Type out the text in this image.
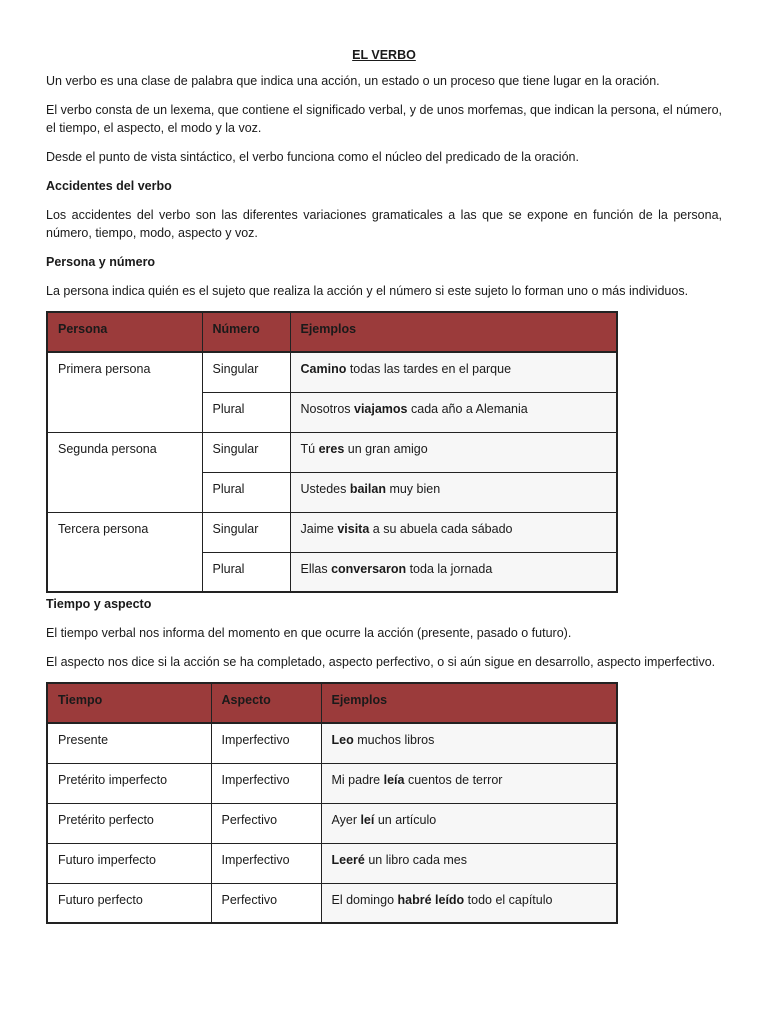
EL VERBO

Un verbo es una clase de palabra que indica una acción, un estado o un proceso que tiene lugar en la oración.

El verbo consta de un lexema, que contiene el significado verbal, y de unos morfemas, que indican la persona, el número, el tiempo, el aspecto, el modo y la voz.

Desde el punto de vista sintáctico, el verbo funciona como el núcleo del predicado de la oración.

Accidentes del verbo

Los accidentes del verbo son las diferentes variaciones gramaticales a las que se expone en función de la persona, número, tiempo, modo, aspecto y voz.

Persona y número

La persona indica quién es el sujeto que realiza la acción y el número si este sujeto lo forman uno o más individuos.

Persona	Número	Ejemplos
Primera persona	Singular	Camino todas las tardes en el parque
	Plural	Nosotros viajamos cada año a Alemania
Segunda persona	Singular	Tú eres un gran amigo
	Plural	Ustedes bailan muy bien
Tercera persona	Singular	Jaime visita a su abuela cada sábado
	Plural	Ellas conversaron toda la jornada
Tiempo y aspecto

El tiempo verbal nos informa del momento en que ocurre la acción (presente, pasado o futuro).

El aspecto nos dice si la acción se ha completado, aspecto perfectivo, o si aún sigue en desarrollo, aspecto imperfectivo.

Tiempo	Aspecto	Ejemplos
Presente	Imperfectivo	Leo muchos libros
Pretérito imperfecto	Imperfectivo	Mi padre leía cuentos de terror
Pretérito perfecto	Perfectivo	Ayer leí un artículo
Futuro imperfecto	Imperfectivo	Leeré un libro cada mes
Futuro perfecto	Perfectivo	El domingo habré leído todo el capítulo
